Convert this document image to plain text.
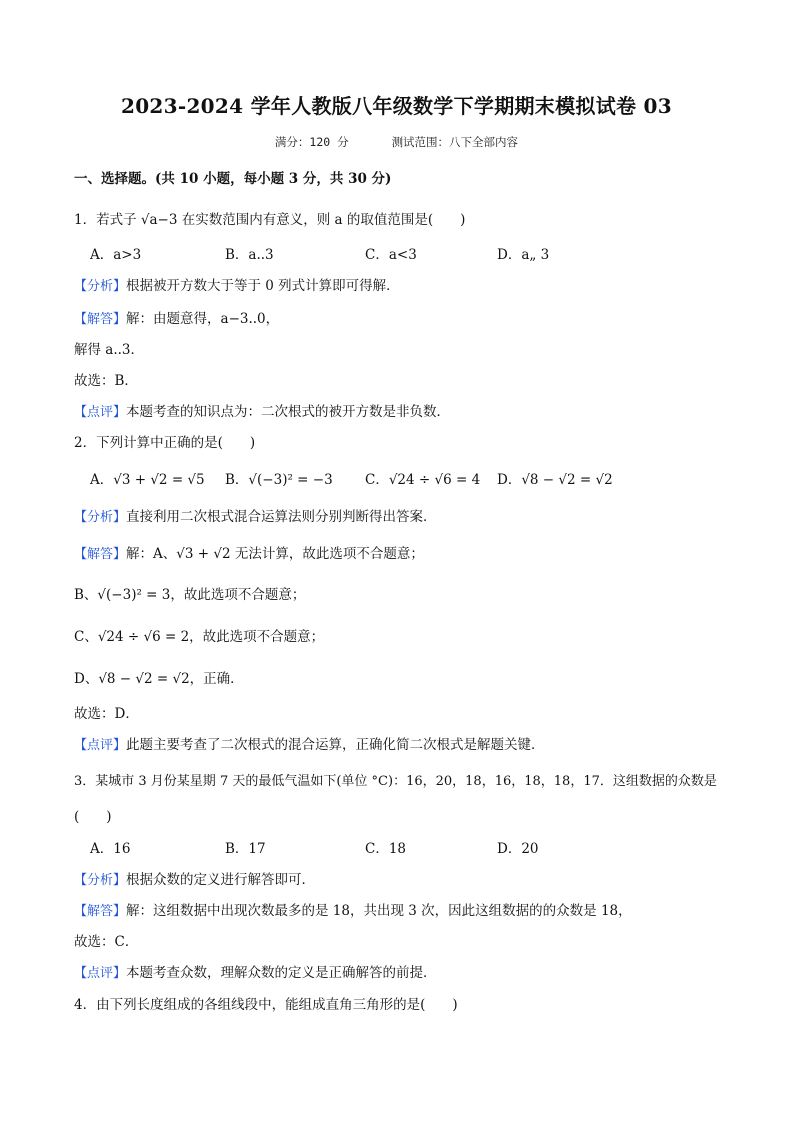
2023-2024 学年人教版八年级数学下学期期末模拟试卷 03
满分：120 分	测试范围：八下全部内容
一、选择题。(共 10 小题，每小题 3 分，共 30 分)
1．若式子 √a−3 在实数范围内有意义，则 a 的取值范围是(　　)
A．a>3	B．a..3	C．a<3	D．a„ 3
【分析】根据被开方数大于等于 0 列式计算即可得解．
【解答】解：由题意得，a−3..0，
解得 a..3．
故选：B．
【点评】本题考查的知识点为：二次根式的被开方数是非负数．
2．下列计算中正确的是(　　)
A．√3 + √2 = √5 B．√(−3)² = −3 C．√24 ÷ √6 = 4 D．√8 − √2 = √2
【分析】直接利用二次根式混合运算法则分别判断得出答案．
【解答】解：A、√3 + √2 无法计算，故此选项不合题意；
B、√(−3)² = 3，故此选项不合题意；
C、√24 ÷ √6 = 2，故此选项不合题意；
D、√8 − √2 = √2，正确．
故选：D．
【点评】此题主要考查了二次根式的混合运算，正确化简二次根式是解题关键．
3．某城市 3 月份某星期 7 天的最低气温如下(单位 °C)：16，20，18，16，18，18，17．这组数据的众数是
(　　)
A．16	B．17	C．18	D．20
【分析】根据众数的定义进行解答即可．
【解答】解：这组数据中出现次数最多的是 18，共出现 3 次，因此这组数据的的众数是 18，
故选：C．
【点评】本题考查众数，理解众数的定义是正确解答的前提．
4．由下列长度组成的各组线段中，能组成直角三角形的是(　　)
